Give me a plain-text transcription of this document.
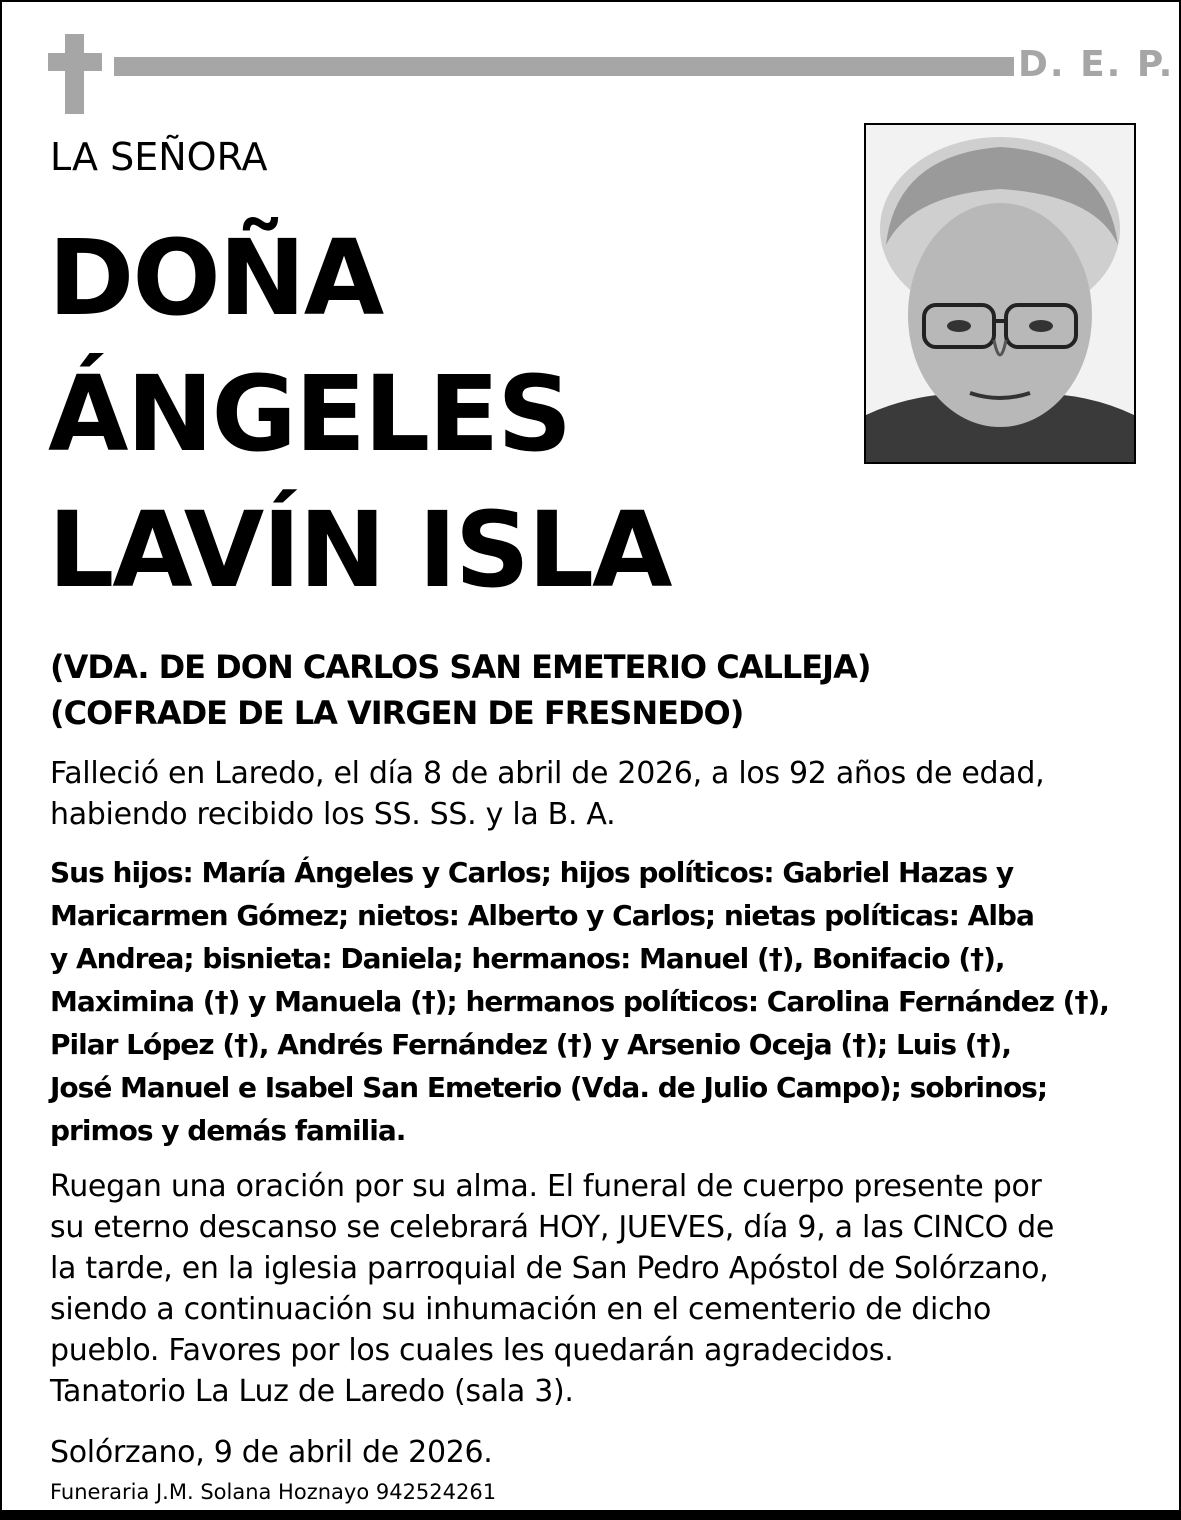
D. E. P.
LA SEÑORA
DOÑA
ÁNGELES
LAVÍN ISLA
(VDA. DE DON CARLOS SAN EMETERIO CALLEJA)
(COFRADE DE LA VIRGEN DE FRESNEDO)

Falleció en Laredo, el día 8 de abril de 2026, a los 92 años de edad,
habiendo recibido los SS. SS. y la B. A.

Sus hijos: María Ángeles y Carlos; hijos políticos: Gabriel Hazas y
Maricarmen Gómez; nietos: Alberto y Carlos; nietas políticas: Alba
y Andrea; bisnieta: Daniela; hermanos: Manuel (†), Bonifacio (†),
Maximina (†) y Manuela (†); hermanos políticos: Carolina Fernández (†),
Pilar López (†), Andrés Fernández (†) y Arsenio Oceja (†); Luis (†),
José Manuel e Isabel San Emeterio (Vda. de Julio Campo); sobrinos;
primos y demás familia.

Ruegan una oración por su alma. El funeral de cuerpo presente por
su eterno descanso se celebrará HOY, JUEVES, día 9, a las CINCO de
la tarde, en la iglesia parroquial de San Pedro Apóstol de Solórzano,
siendo a continuación su inhumación en el cementerio de dicho
pueblo. Favores por los cuales les quedarán agradecidos.
Tanatorio La Luz de Laredo (sala 3).

Solórzano, 9 de abril de 2026.
Funeraria J.M. Solana Hoznayo 942524261
